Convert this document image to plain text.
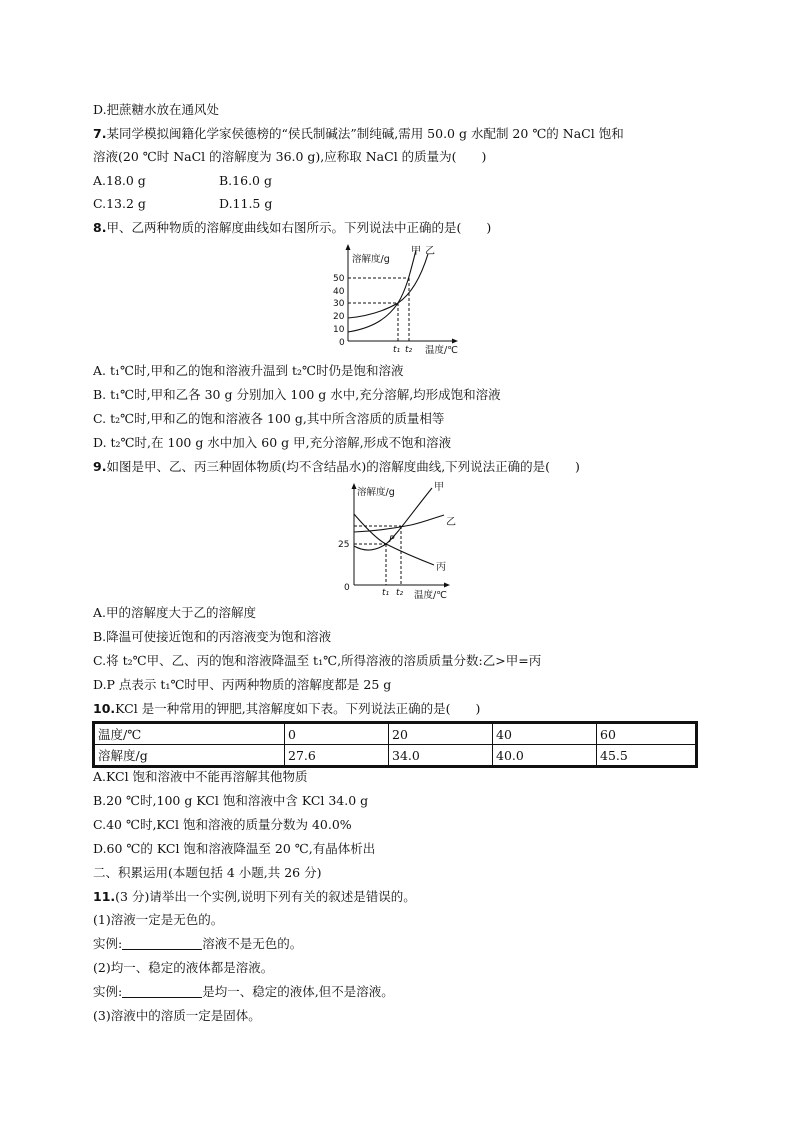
D.把蔗糖水放在通风处
7.某同学模拟闽籍化学家侯德榜的“侯氏制碱法”制纯碱,需用 50.0 g 水配制 20 ℃的 NaCl 饱和
溶液(20 ℃时 NaCl 的溶解度为 36.0 g),应称取 NaCl 的质量为(　　)
A.18.0 g	B.16.0 g
C.13.2 g	D.11.5 g
8.甲、乙两种物质的溶解度曲线如右图所示。下列说法中正确的是(　　)
50
40
30
20
10
0
溶解度/g
甲 乙
t₁ t₂ 温度/℃
A. t₁℃时,甲和乙的饱和溶液升温到 t₂℃时仍是饱和溶液
B. t₁℃时,甲和乙各 30 g 分别加入 100 g 水中,充分溶解,均形成饱和溶液
C. t₂℃时,甲和乙的饱和溶液各 100 g,其中所含溶质的质量相等
D. t₂℃时,在 100 g 水中加入 60 g 甲,充分溶解,形成不饱和溶液
9.如图是甲、乙、丙三种固体物质(均不含结晶水)的溶解度曲线,下列说法正确的是(　　)
溶解度/g
25
0
P
甲
乙
丙
t₁ t₂ 温度/℃
A.甲的溶解度大于乙的溶解度
B.降温可使接近饱和的丙溶液变为饱和溶液
C.将 t₂℃甲、乙、丙的饱和溶液降温至 t₁℃,所得溶液的溶质质量分数:乙>甲=丙
D.P 点表示 t₁℃时甲、丙两种物质的溶解度都是 25 g
10.KCl 是一种常用的钾肥,其溶解度如下表。下列说法正确的是(　　)
温度/℃	0	20	40	60
溶解度/g	27.6	34.0	40.0	45.5
A.KCl 饱和溶液中不能再溶解其他物质
B.20 ℃时,100 g KCl 饱和溶液中含 KCl 34.0 g
C.40 ℃时,KCl 饱和溶液的质量分数为 40.0%
D.60 ℃的 KCl 饱和溶液降温至 20 ℃,有晶体析出
二、积累运用(本题包括 4 小题,共 26 分)
11.(3 分)请举出一个实例,说明下列有关的叙述是错误的。
(1)溶液一定是无色的。
实例:	溶液不是无色的。
(2)均一、稳定的液体都是溶液。
实例:	是均一、稳定的液体,但不是溶液。
(3)溶液中的溶质一定是固体。
